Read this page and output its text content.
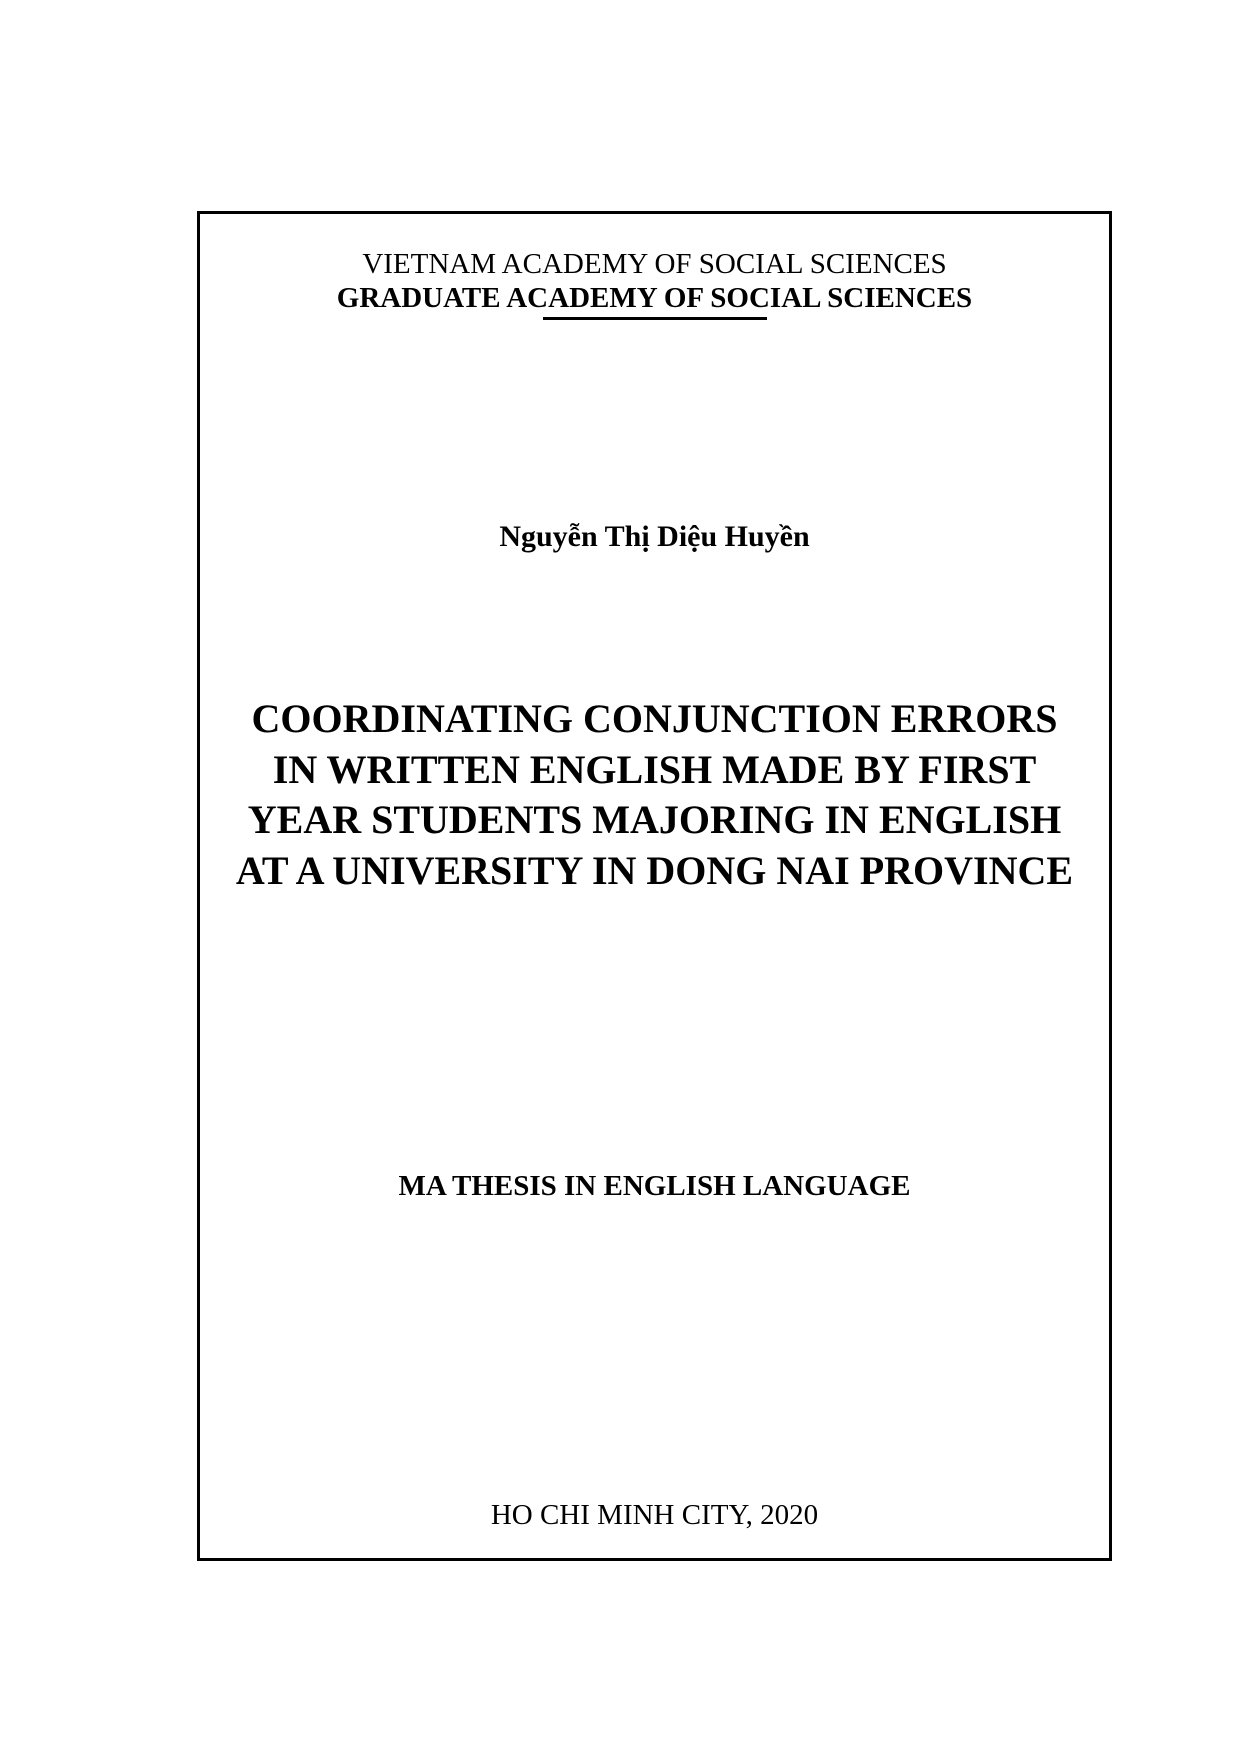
VIETNAM ACADEMY OF SOCIAL SCIENCES
GRADUATE ACADEMY OF SOCIAL SCIENCES
Nguyễn Thị Diệu Huyền
COORDINATING CONJUNCTION ERRORS
IN WRITTEN ENGLISH MADE BY FIRST
YEAR STUDENTS MAJORING IN ENGLISH
AT A UNIVERSITY IN DONG NAI PROVINCE
MA THESIS IN ENGLISH LANGUAGE
HO CHI MINH CITY, 2020
